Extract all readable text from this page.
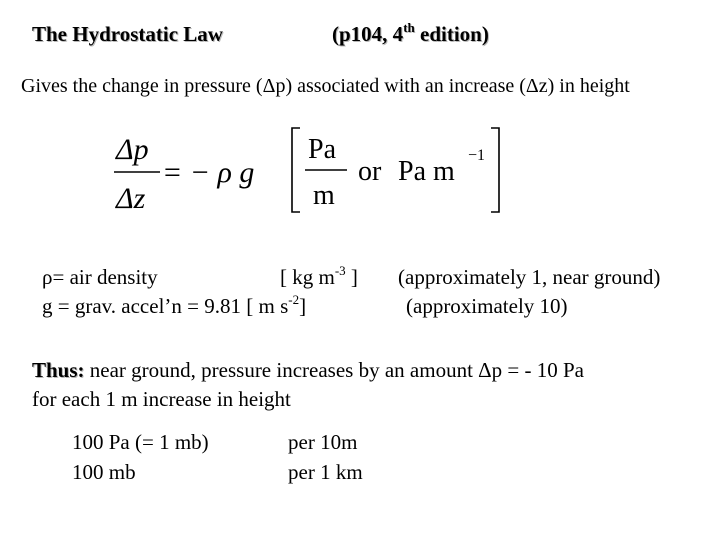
The Hydrostatic Law	(p104, 4th edition)
Gives the change in pressure (Δp) associated with an increase (Δz) in height
Δp
Δz
= − ρ g
Pa
m
or Pa m
−1
ρ= air density	[ kg $m^{-3}$ ] (approximately 1, near ground)
g = grav. accel’n = 9.81 [ m $s^{-2}$]	(approximately 10)
Thus: near ground, pressure increases by an amount Δp = - 10 Pa
for each 1 m increase in height
100 Pa (= 1 mb)	per 10m
100 mb	per 1 km
